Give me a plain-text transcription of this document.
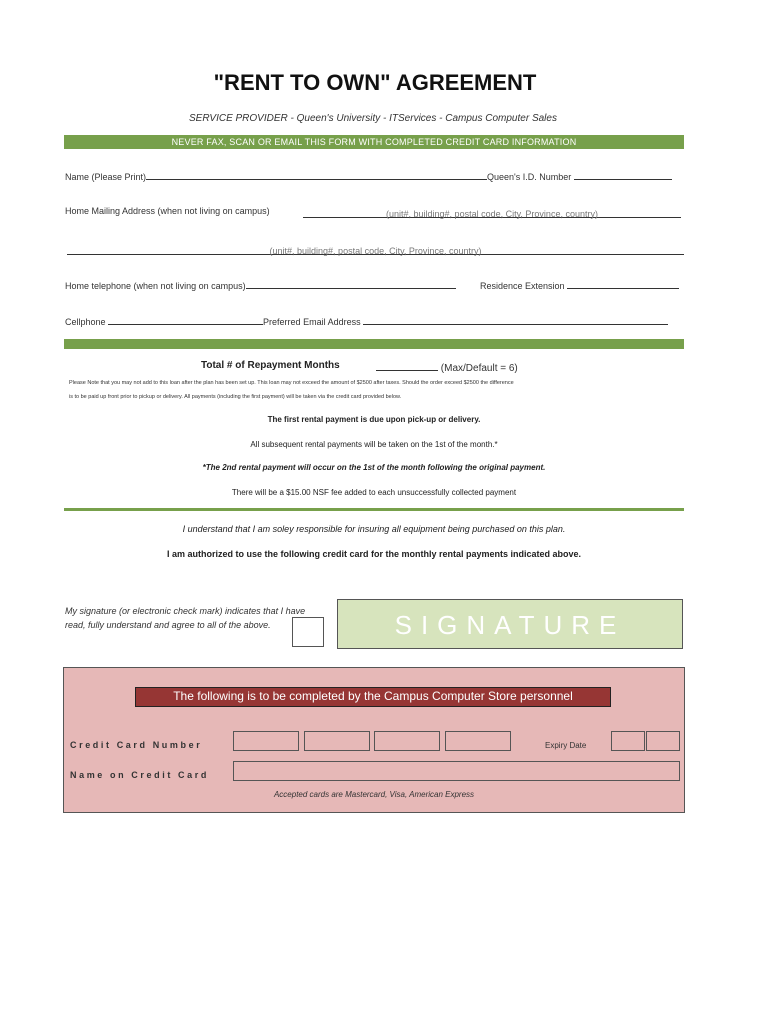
"RENT TO OWN" AGREEMENT
SERVICE PROVIDER - Queen's University - ITServices - Campus Computer Sales
NEVER FAX, SCAN OR EMAIL THIS FORM WITH COMPLETED CREDIT CARD INFORMATION
Name (Please Print)	Queen's I.D. Number
Home Mailing Address (when not living on campus)	(unit#, building#, postal code, City, Province, country)
(unit#, building#, postal code, City, Province, country)
Home telephone (when not living on campus)	Residence Extension
Cellphone	Preferred Email Address
Total # of Repayment Months	(Max/Default = 6)
Please Note that you may not add to this loan after the plan has been set up. This loan may not exceed the amount of $2500 after taxes. Should the order exceed $2500 the difference
is to be paid up front prior to pickup or delivery. All payments (including the first payment) will be taken via the credit card provided below.
The first rental payment is due upon pick-up or delivery.
All subsequent rental payments will be taken on the 1st of the month.*
*The 2nd rental payment will occur on the 1st of the month following the original payment.
There will be a $15.00 NSF fee added to each unsuccessfully collected payment
I understand that I am soley responsible for insuring all equipment being purchased on this plan.
I am authorized to use the following credit card for the monthly rental payments indicated above.
My signature (or electronic check mark) indicates that I have read, fully understand and agree to all of the above.	SIGNATURE
The following is to be completed by the Campus Computer Store personnel
Credit Card Number	Expiry Date
Name on Credit Card
Accepted cards are Mastercard, Visa, American Express
